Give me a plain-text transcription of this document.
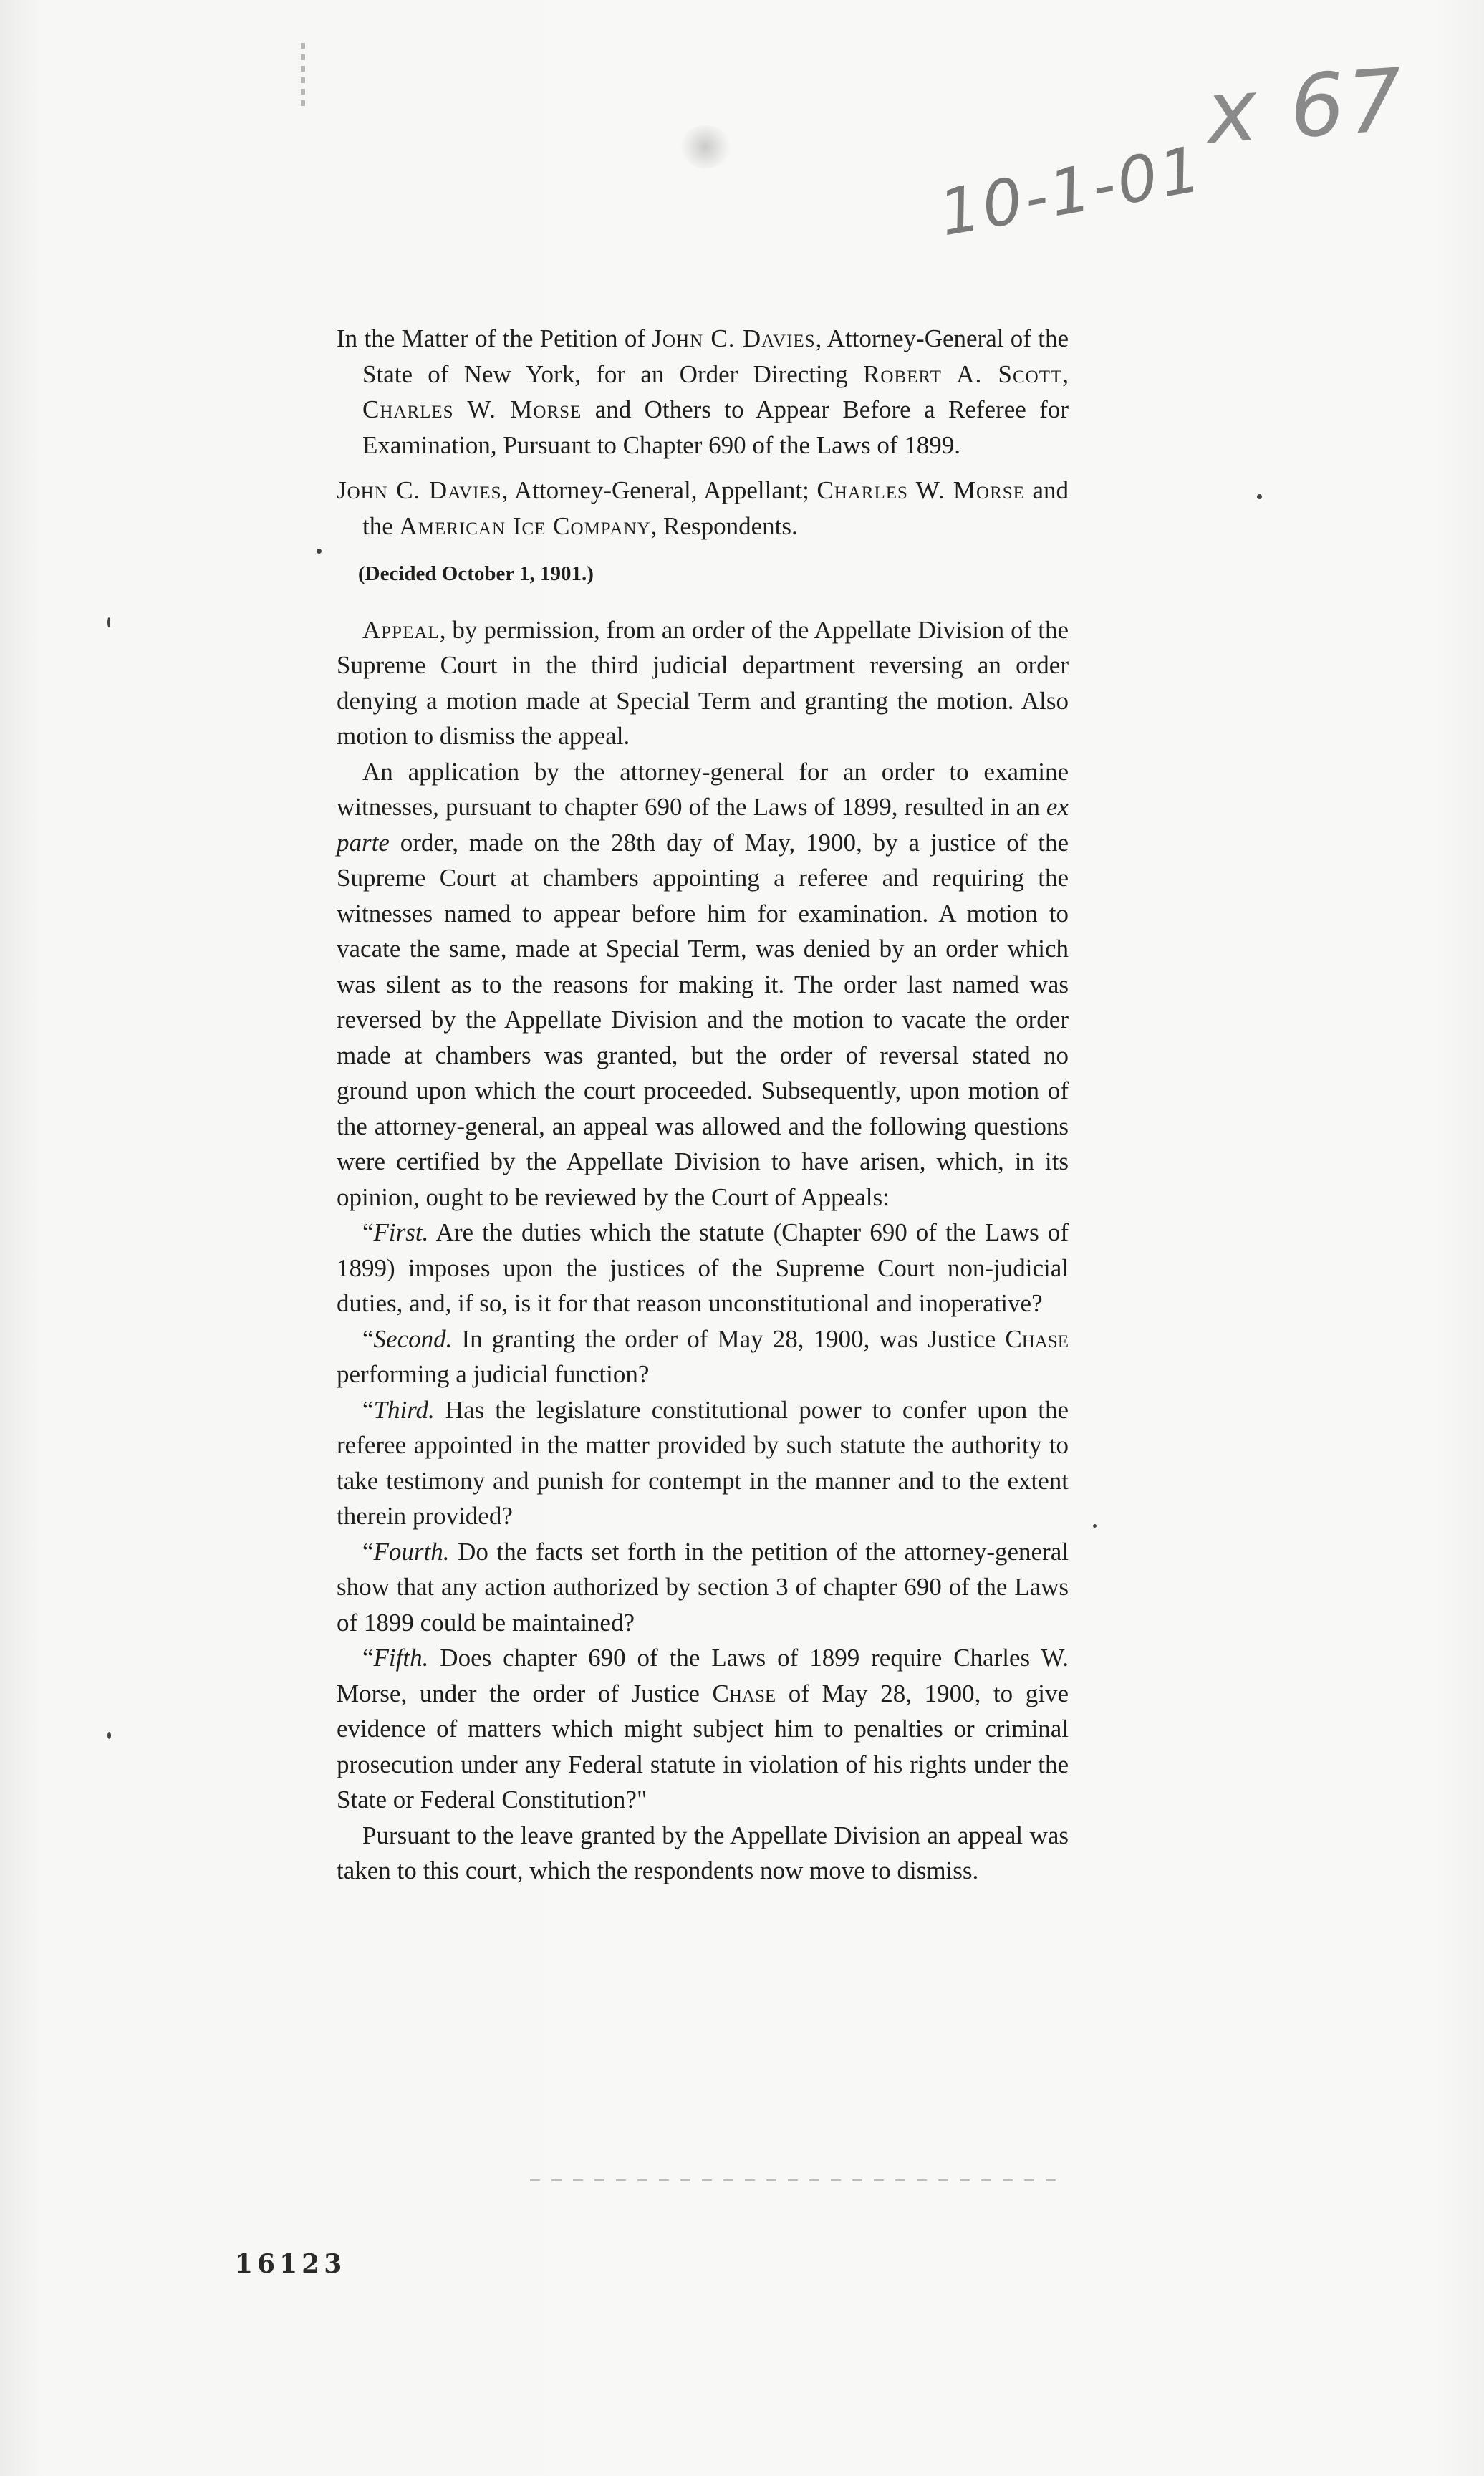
x 67
10-1-01

In the Matter of the Petition of John C. Davies, Attorney-General of the State of New York, for an Order Directing Robert A. Scott, Charles W. Morse and Others to Appear Before a Referee for Examination, Pursuant to Chapter 690 of the Laws of 1899.

John C. Davies, Attorney-General, Appellant; Charles W. Morse and the American Ice Company, Respondents.

(Decided October 1, 1901.)

Appeal, by permission, from an order of the Appellate Division of the Supreme Court in the third judicial department reversing an order denying a motion made at Special Term and granting the motion. Also motion to dismiss the appeal.

An application by the attorney-general for an order to examine witnesses, pursuant to chapter 690 of the Laws of 1899, resulted in an ex parte order, made on the 28th day of May, 1900, by a justice of the Supreme Court at chambers appointing a referee and requiring the witnesses named to appear before him for examination. A motion to vacate the same, made at Special Term, was denied by an order which was silent as to the reasons for making it. The order last named was reversed by the Appellate Division and the motion to vacate the order made at chambers was granted, but the order of reversal stated no ground upon which the court proceeded. Subsequently, upon motion of the attorney-general, an appeal was allowed and the following questions were certified by the Appellate Division to have arisen, which, in its opinion, ought to be reviewed by the Court of Appeals:

“First. Are the duties which the statute (Chapter 690 of the Laws of 1899) imposes upon the justices of the Supreme Court non-judicial duties, and, if so, is it for that reason unconstitutional and inoperative?

“Second. In granting the order of May 28, 1900, was Justice Chase performing a judicial function?

“Third. Has the legislature constitutional power to confer upon the referee appointed in the matter provided by such statute the authority to take testimony and punish for contempt in the manner and to the extent therein provided?

“Fourth. Do the facts set forth in the petition of the attorney-general show that any action authorized by section 3 of chapter 690 of the Laws of 1899 could be maintained?

“Fifth. Does chapter 690 of the Laws of 1899 require Charles W. Morse, under the order of Justice Chase of May 28, 1900, to give evidence of matters which might subject him to penalties or criminal prosecution under any Federal statute in violation of his rights under the State or Federal Constitution?"

Pursuant to the leave granted by the Appellate Division an appeal was taken to this court, which the respondents now move to dismiss.

16123
